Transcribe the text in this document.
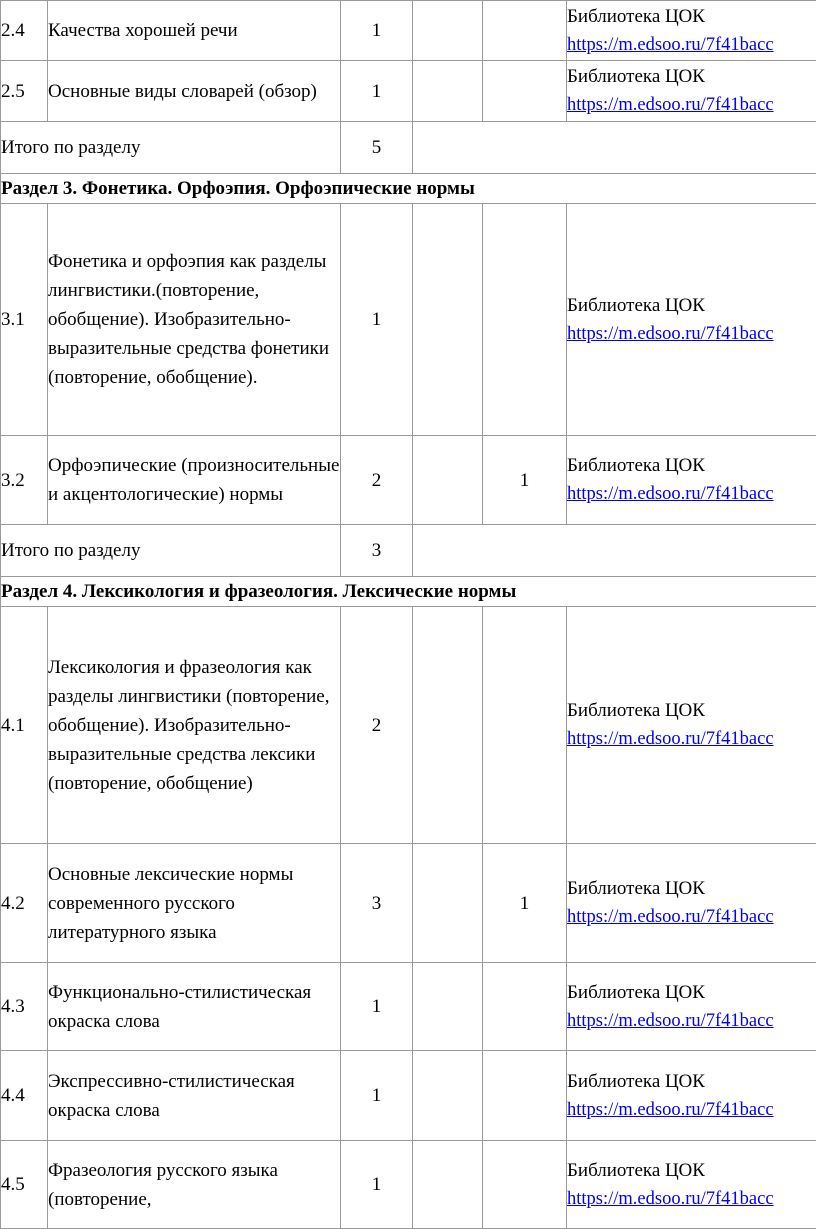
2.4	Качества хорошей речи	1			Библиотека ЦОК
https://m.edsoo.ru/7f41bacc

2.5	Основные виды словарей (обзор)	1			Библиотека ЦОК
https://m.edsoo.ru/7f41bacc

Итого по разделу		5			
Раздел 3. Фонетика. Орфоэпия. Орфоэпические нормы					
3.1	Фонетика и орфоэпия как разделы лингвистики.(повторение, обобщение). Изобразительно-выразительные средства фонетики (повторение, обобщение).	1			Библиотека ЦОК
https://m.edsoo.ru/7f41bacc

3.2	Орфоэпические (произносительные и акцентологические) нормы	2		1	Библиотека ЦОК
https://m.edsoo.ru/7f41bacc

Итого по разделу		3			
Раздел 4. Лексикология и фразеология. Лексические нормы					
4.1	Лексикология и фразеология как разделы лингвистики (повторение, обобщение). Изобразительно-выразительные средства лексики (повторение, обобщение)	2			Библиотека ЦОК
https://m.edsoo.ru/7f41bacc

4.2	Основные лексические нормы современного русского литературного языка	3		1	Библиотека ЦОК
https://m.edsoo.ru/7f41bacc

4.3	Функционально-стилистическая окраска слова	1			Библиотека ЦОК
https://m.edsoo.ru/7f41bacc

4.4	Экспрессивно-стилистическая окраска слова	1			Библиотека ЦОК
https://m.edsoo.ru/7f41bacc

4.5	Фразеология русского языка (повторение,	1			Библиотека ЦОК
https://m.edsoo.ru/7f41bacc
